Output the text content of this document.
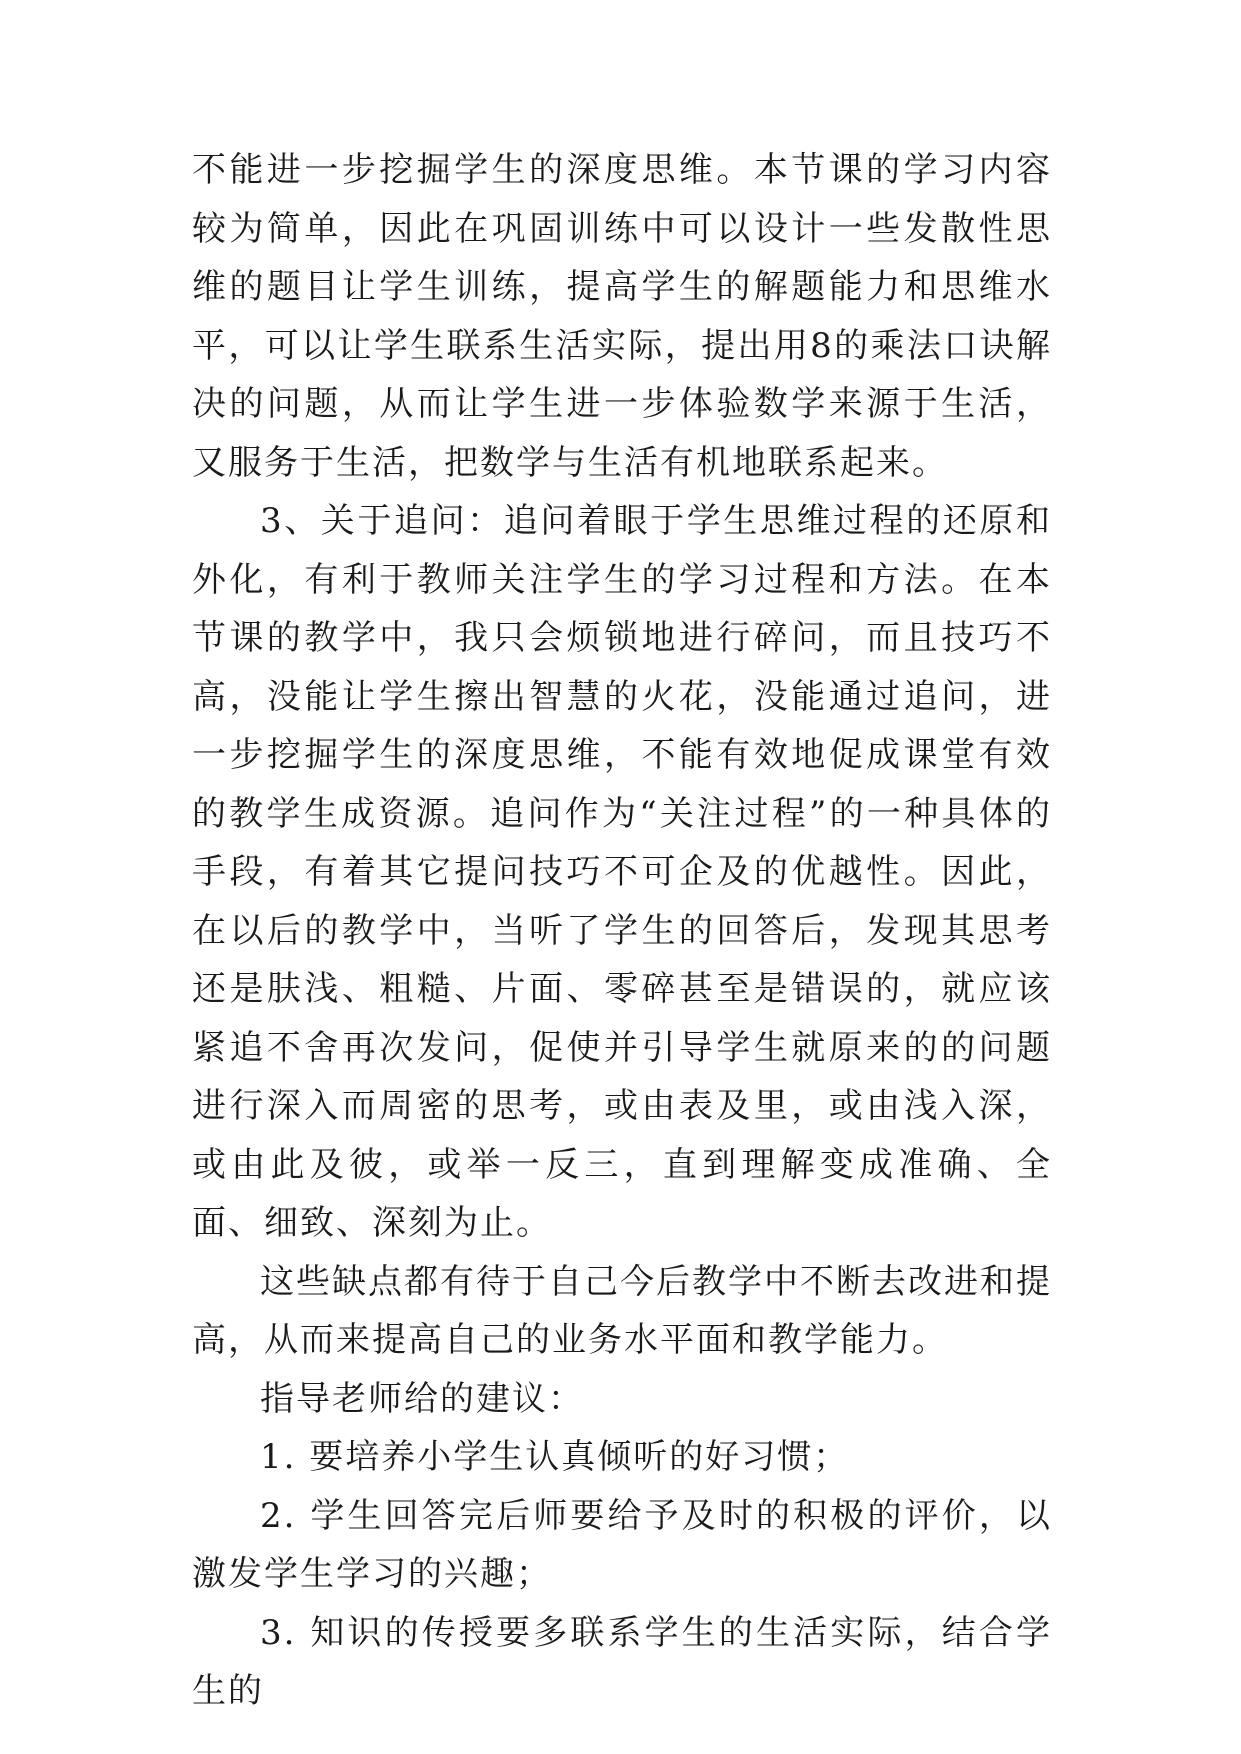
不能进一步挖掘学生的深度思维。本节课的学习内容较为简单，因此在巩固训练中可以设计一些发散性思维的题目让学生训练，提高学生的解题能力和思维水平，可以让学生联系生活实际，提出用8的乘法口诀解决的问题，从而让学生进一步体验数学来源于生活，又服务于生活，把数学与生活有机地联系起来。

3、关于追问：追问着眼于学生思维过程的还原和外化，有利于教师关注学生的学习过程和方法。在本节课的教学中，我只会烦锁地进行碎问，而且技巧不高，没能让学生擦出智慧的火花，没能通过追问，进一步挖掘学生的深度思维，不能有效地促成课堂有效的教学生成资源。追问作为“关注过程”的一种具体的手段，有着其它提问技巧不可企及的优越性。因此，在以后的教学中，当听了学生的回答后，发现其思考还是肤浅、粗糙、片面、零碎甚至是错误的，就应该紧追不舍再次发问，促使并引导学生就原来的的问题进行深入而周密的思考，或由表及里，或由浅入深，或由此及彼，或举一反三，直到理解变成准确、全面、细致、深刻为止。

这些缺点都有待于自己今后教学中不断去改进和提高，从而来提高自己的业务水平面和教学能力。

指导老师给的建议：

1. 要培养小学生认真倾听的好习惯；

2. 学生回答完后师要给予及时的积极的评价，以激发学生学习的兴趣；

3. 知识的传授要多联系学生的生活实际，结合学生的
